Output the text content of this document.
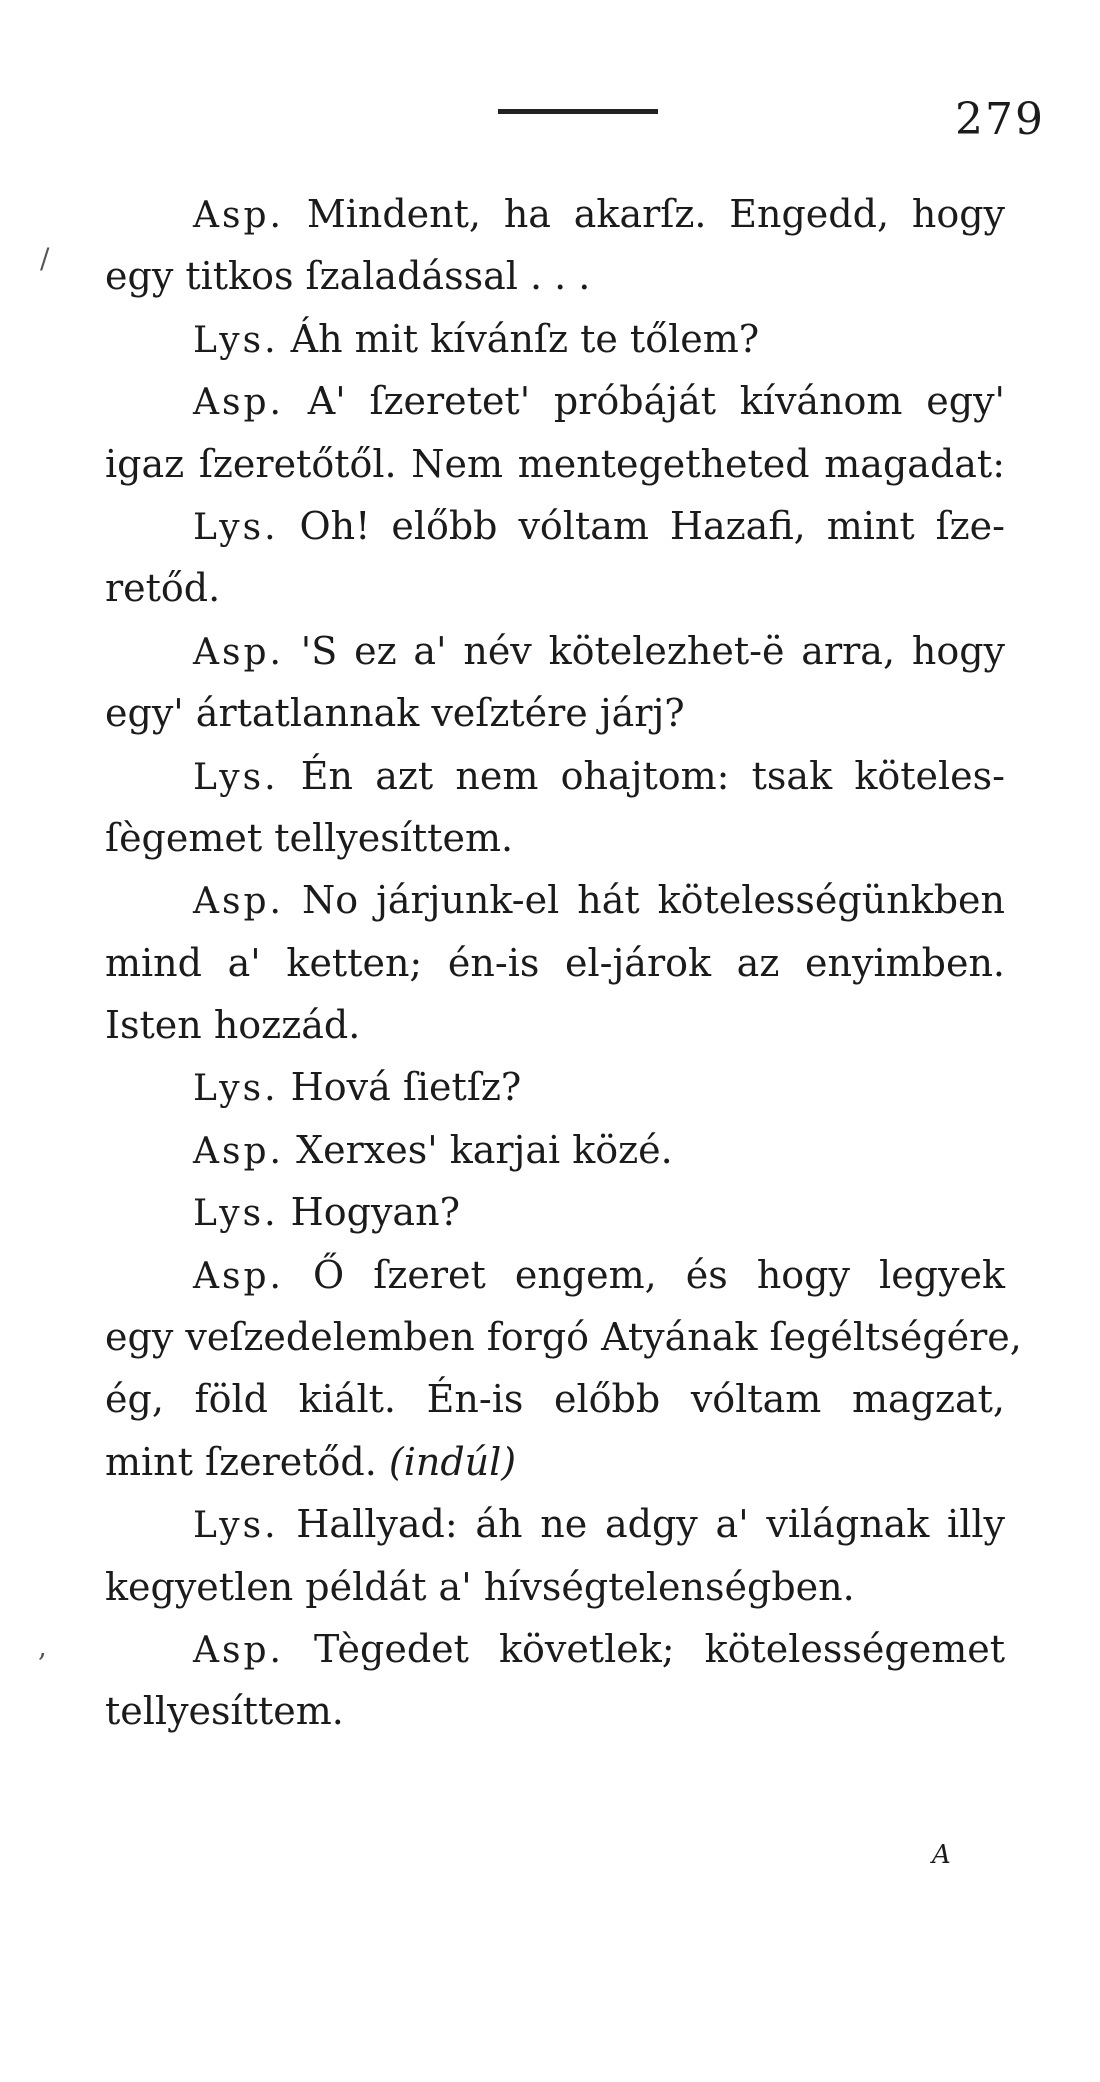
279
Asp. Mindent, ha akarſz. Engedd, hogy
egy titkos ſzaladással . . .
Lys. Áh mit kívánſz te tőlem?
Asp. A' ſzeretet' próbáját kívánom egy'
igaz ſzeretőtől. Nem mentegetheted magadat:
Lys. Oh! előbb vóltam Hazafi, mint ſze-
retőd.
Asp. 'S ez a' név kötelezhet-ë arra, hogy
egy' ártatlannak veſztére járj?
Lys. Én azt nem ohajtom: tsak köteles-
ſègemet tellyesíttem.
Asp. No járjunk-el hát kötelességünkben
mind a' ketten; én-is el-járok az enyimben.
Isten hozzád.
Lys. Hová ſietſz?
Asp. Xerxes' karjai közé.
Lys. Hogyan?
Asp. Ő ſzeret engem, és hogy legyek
egy veſzedelemben forgó Atyának ſegéltségére,
ég, föld kiált. Én-is előbb vóltam magzat,
mint ſzeretőd. (indúl)
Lys. Hallyad: áh ne adgy a' világnak illy
kegyetlen példát a' hívségtelenségben.
Asp. Tègedet követlek; kötelességemet
tellyesíttem.
A
/
,
